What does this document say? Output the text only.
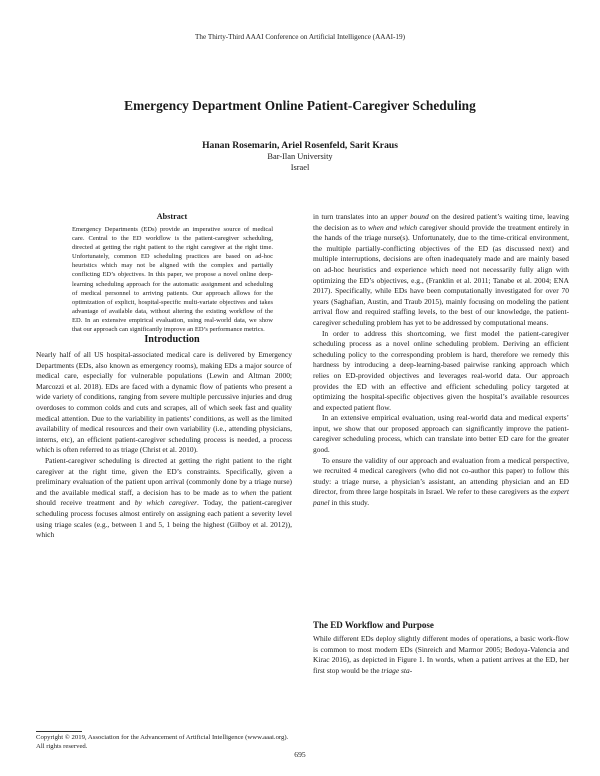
The Thirty-Third AAAI Conference on Artificial Intelligence (AAAI-19)
Emergency Department Online Patient-Caregiver Scheduling
Hanan Rosemarin, Ariel Rosenfeld, Sarit Kraus
Bar-Ilan University
Israel
Abstract

Emergency Departments (EDs) provide an imperative source of medical care. Central to the ED workflow is the patient-caregiver scheduling, directed at getting the right patient to the right caregiver at the right time. Unfortunately, common ED scheduling practices are based on ad-hoc heuristics which may not be aligned with the complex and partially conflicting ED’s objectives. In this paper, we propose a novel online deep-learning scheduling approach for the automatic assignment and scheduling of medical personnel to arriving patients. Our approach allows for the optimization of explicit, hospital-specific multi-variate objectives and takes advantage of available data, without altering the existing workflow of the ED. In an extensive empirical evaluation, using real-world data, we show that our approach can significantly improve an ED’s performance metrics.

Introduction

Nearly half of all US hospital-associated medical care is delivered by Emergency Departments (EDs, also known as emergency rooms), making EDs a major source of medical care, especially for vulnerable populations (Lewin and Altman 2000; Marcozzi et al. 2018). EDs are faced with a dynamic flow of patients who present a wide variety of conditions, ranging from severe multiple percussive injuries and drug overdoses to common colds and cuts and scrapes, all of which seek fast and quality medical attention. Due to the variability in patients’ conditions, as well as the limited availability of medical resources and their own variability (i.e., attending physicians, interns, etc), an efficient patient-caregiver scheduling process is needed, a process which is often referred to as triage (Christ et al. 2010).

Patient-caregiver scheduling is directed at getting the right patient to the right caregiver at the right time, given the ED’s constraints. Specifically, given a preliminary evaluation of the patient upon arrival (commonly done by a triage nurse) and the available medical staff, a decision has to be made as to when the patient should receive treatment and by which caregiver. Today, the patient-caregiver scheduling process focuses almost entirely on assigning each patient a severity level using triage scales (e.g., between 1 and 5, 1 being the highest (Gilboy et al. 2012)), which

Copyright © 2019, Association for the Advancement of Artificial Intelligence (www.aaai.org). All rights reserved.

in turn translates into an upper bound on the desired patient’s waiting time, leaving the decision as to when and which caregiver should provide the treatment entirely in the hands of the triage nurse(s). Unfortunately, due to the time-critical environment, the multiple partially-conflicting objectives of the ED (as discussed next) and multiple interruptions, decisions are often inadequately made and are mainly based on ad-hoc heuristics and experience which need not necessarily fully align with optimizing the ED’s objectives, e.g., (Franklin et al. 2011; Tanabe et al. 2004; ENA 2017). Specifically, while EDs have been computationally investigated for over 70 years (Saghafian, Austin, and Traub 2015), mainly focusing on modeling the patient arrival flow and required staffing levels, to the best of our knowledge, the patient-caregiver scheduling problem has yet to be addressed by computational means.

In order to address this shortcoming, we first model the patient-caregiver scheduling process as a novel online scheduling problem. Deriving an efficient scheduling policy to the corresponding problem is hard, therefore we remedy this hardness by introducing a deep-learning-based pairwise ranking approach which relies on ED-provided objectives and leverages real-world data. Our approach provides the ED with an effective and efficient scheduling policy targeted at optimizing the hospital-specific objectives given the hospital’s available resources and expected patient flow.

In an extensive empirical evaluation, using real-world data and medical experts’ input, we show that our proposed approach can significantly improve the patient-caregiver scheduling process, which can translate into better ED care for the greater good.

To ensure the validity of our approach and evaluation from a medical perspective, we recruited 4 medical caregivers (who did not co-author this paper) to follow this study: a triage nurse, a physician’s assistant, an attending physician and an ED director, from three large hospitals in Israel. We refer to these caregivers as the expert panel in this study.

The ED Workflow and Purpose

While different EDs deploy slightly different modes of operations, a basic work-flow is common to most modern EDs (Sinreich and Marmor 2005; Bedoya-Valencia and Kirac 2016), as depicted in Figure 1. In words, when a patient arrives at the ED, her first stop would be the triage sta-

695
